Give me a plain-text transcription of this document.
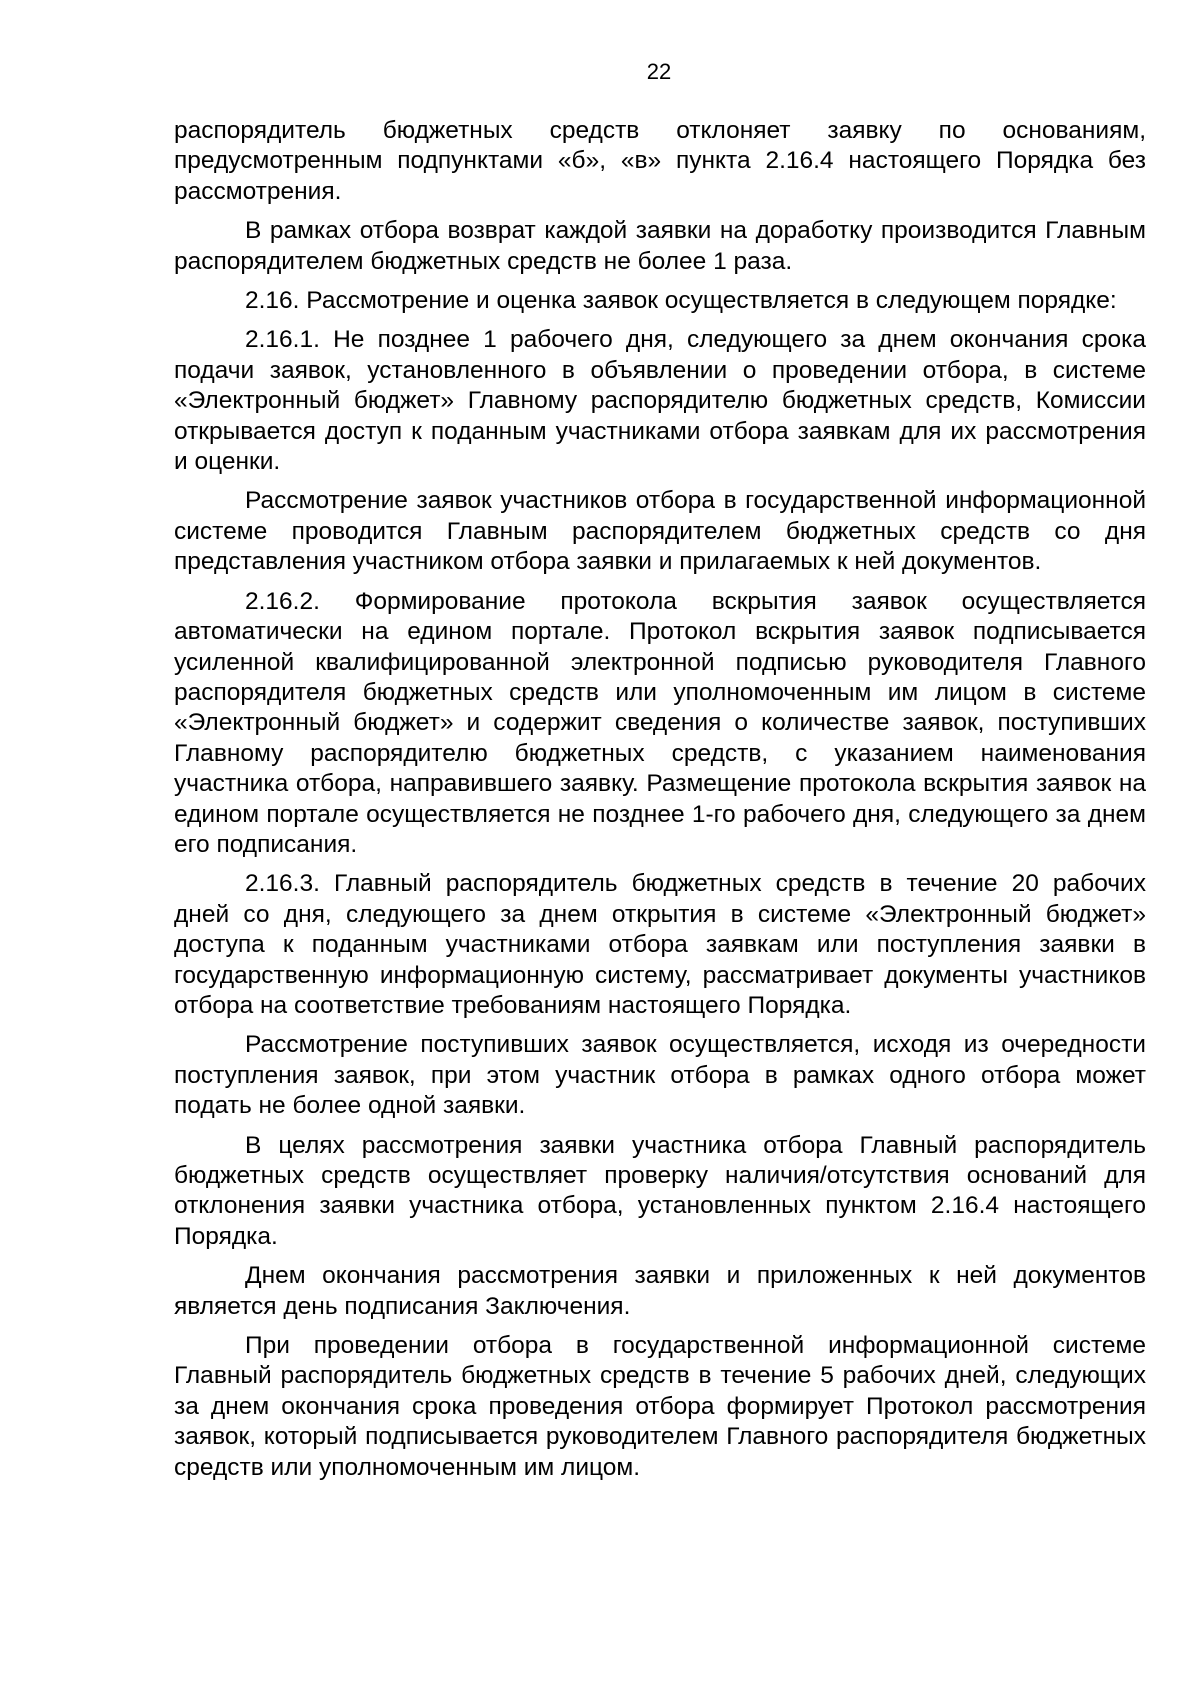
22

распорядитель бюджетных средств отклоняет заявку по основаниям, предусмотренным подпунктами «б», «в» пункта 2.16.4 настоящего Порядка без рассмотрения.

В рамках отбора возврат каждой заявки на доработку производится Главным распорядителем бюджетных средств не более 1 раза.

2.16. Рассмотрение и оценка заявок осуществляется в следующем порядке:

2.16.1. Не позднее 1 рабочего дня, следующего за днем окончания срока подачи заявок, установленного в объявлении о проведении отбора, в системе «Электронный бюджет» Главному распорядителю бюджетных средств, Комиссии открывается доступ к поданным участниками отбора заявкам для их рассмотрения и оценки.

Рассмотрение заявок участников отбора в государственной информационной системе проводится Главным распорядителем бюджетных средств со дня представления участником отбора заявки и прилагаемых к ней документов.

2.16.2. Формирование протокола вскрытия заявок осуществляется автоматически на едином портале. Протокол вскрытия заявок подписывается усиленной квалифицированной электронной подписью руководителя Главного распорядителя бюджетных средств или уполномоченным им лицом в системе «Электронный бюджет» и содержит сведения о количестве заявок, поступивших Главному распорядителю бюджетных средств, с указанием наименования участника отбора, направившего заявку. Размещение протокола вскрытия заявок на едином портале осуществляется не позднее 1-го рабочего дня, следующего за днем его подписания.

2.16.3. Главный распорядитель бюджетных средств в течение 20 рабочих дней со дня, следующего за днем открытия в системе «Электронный бюджет» доступа к поданным участниками отбора заявкам или поступления заявки в государственную информационную систему, рассматривает документы участников отбора на соответствие требованиям настоящего Порядка.

Рассмотрение поступивших заявок осуществляется, исходя из очередности поступления заявок, при этом участник отбора в рамках одного отбора может подать не более одной заявки.

В целях рассмотрения заявки участника отбора Главный распорядитель бюджетных средств осуществляет проверку наличия/отсутствия оснований для отклонения заявки участника отбора, установленных пунктом 2.16.4 настоящего Порядка.

Днем окончания рассмотрения заявки и приложенных к ней документов является день подписания Заключения.

При проведении отбора в государственной информационной системе Главный распорядитель бюджетных средств в течение 5 рабочих дней, следующих за днем окончания срока проведения отбора формирует Протокол рассмотрения заявок, который подписывается руководителем Главного распорядителя бюджетных средств или уполномоченным им лицом.
